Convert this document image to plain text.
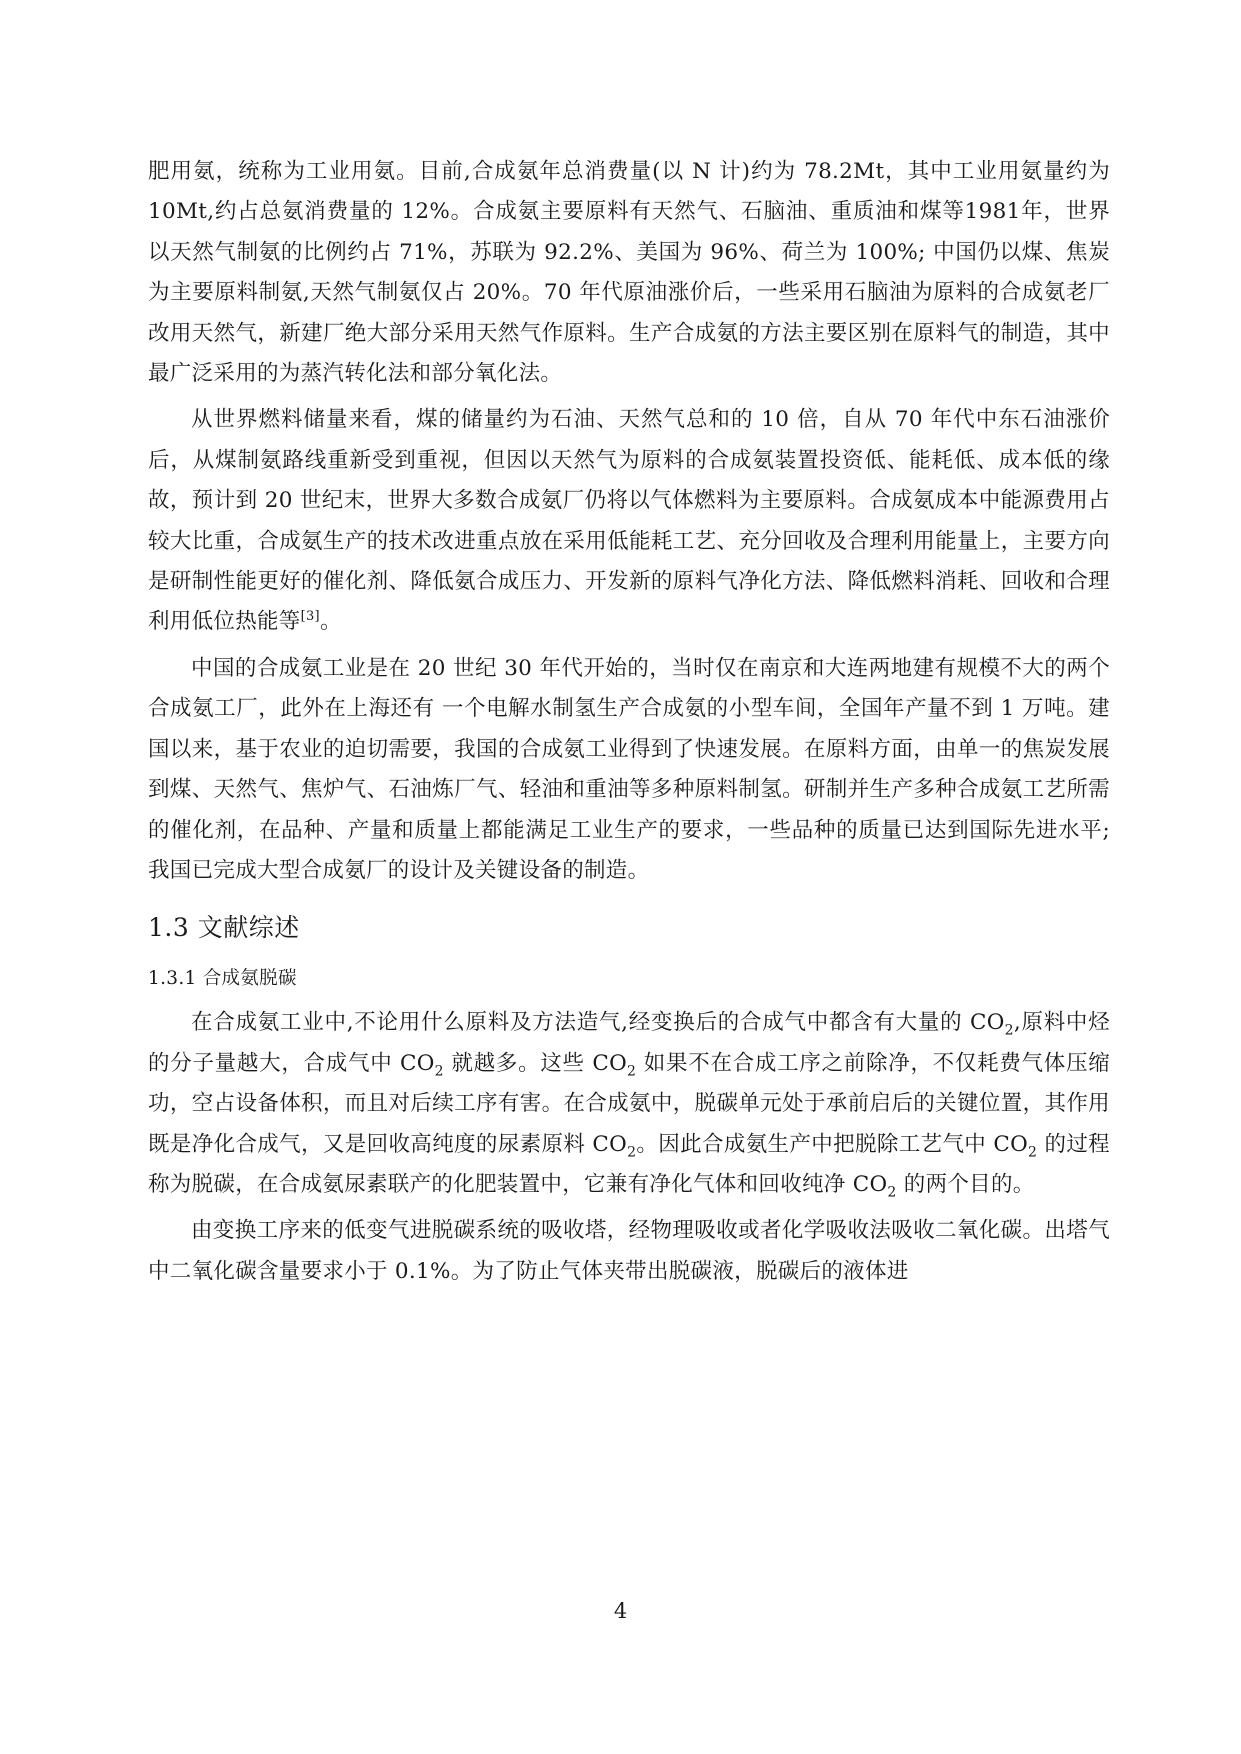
肥用氨，统称为工业用氨。目前,合成氨年总消费量(以 N 计)约为 78.2Mt，其中工业用氨量约为 10Mt,约占总氨消费量的 12%。合成氨主要原料有天然气、石脑油、重质油和煤等1981年，世界以天然气制氨的比例约占 71%，苏联为 92.2%、美国为 96%、荷兰为 100%; 中国仍以煤、焦炭为主要原料制氨,天然气制氨仅占 20%。70 年代原油涨价后，一些采用石脑油为原料的合成氨老厂改用天然气，新建厂绝大部分采用天然气作原料。生产合成氨的方法主要区别在原料气的制造，其中最广泛采用的为蒸汽转化法和部分氧化法。

从世界燃料储量来看，煤的储量约为石油、天然气总和的 10 倍，自从 70 年代中东石油涨价后，从煤制氨路线重新受到重视，但因以天然气为原料的合成氨装置投资低、能耗低、成本低的缘故，预计到 20 世纪末，世界大多数合成氨厂仍将以气体燃料为主要原料。合成氨成本中能源费用占较大比重，合成氨生产的技术改进重点放在采用低能耗工艺、充分回收及合理利用能量上，主要方向是研制性能更好的催化剂、降低氨合成压力、开发新的原料气净化方法、降低燃料消耗、回收和合理利用低位热能等[3]。

中国的合成氨工业是在 20 世纪 30 年代开始的，当时仅在南京和大连两地建有规模不大的两个合成氨工厂，此外在上海还有 一个电解水制氢生产合成氨的小型车间，全国年产量不到 1 万吨。建国以来，基于农业的迫切需要，我国的合成氨工业得到了快速发展。在原料方面，由单一的焦炭发展到煤、天然气、焦炉气、石油炼厂气、轻油和重油等多种原料制氢。研制并生产多种合成氨工艺所需的催化剂，在品种、产量和质量上都能满足工业生产的要求，一些品种的质量已达到国际先进水平; 我国已完成大型合成氨厂的设计及关键设备的制造。

1.3 文献综述
1.3.1 合成氨脱碳

在合成氨工业中,不论用什么原料及方法造气,经变换后的合成气中都含有大量的 $CO_2$,原料中烃的分子量越大，合成气中 $CO_2$ 就越多。这些 $CO_2$ 如果不在合成工序之前除净，不仅耗费气体压缩功，空占设备体积，而且对后续工序有害。在合成氨中，脱碳单元处于承前启后的关键位置，其作用既是净化合成气，又是回收高纯度的尿素原料 $CO_2$。因此合成氨生产中把脱除工艺气中 $CO_2$ 的过程称为脱碳，在合成氨尿素联产的化肥装置中，它兼有净化气体和回收纯净 $CO_2$ 的两个目的。

由变换工序来的低变气进脱碳系统的吸收塔，经物理吸收或者化学吸收法吸收二氧化碳。出塔气中二氧化碳含量要求小于 0.1%。为了防止气体夹带出脱碳液，脱碳后的液体进

4
